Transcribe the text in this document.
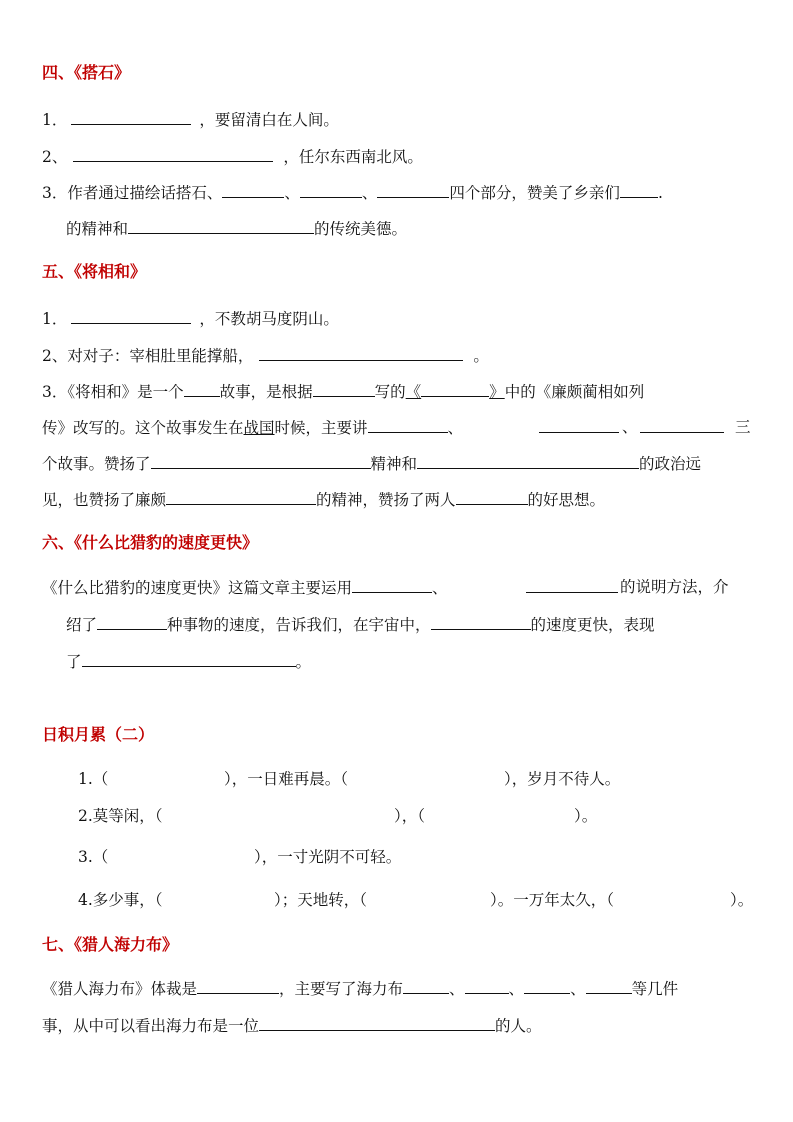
四、《搭石》
1．	，要留清白在人间。
2、	，任尔东西南北风。
3．作者通过描绘话搭石、	、	、	四个部分，赞美了乡亲们 .
的精神和	的传统美德。
五、《将相和》
1．	，不教胡马度阴山。
2、对对子：宰相肚里能撑船，	。
3．《将相和》是一个 故事，是根据	写的《	》中的《廉颇蔺相如列
传》改写的。这个故事发生在战国时候，主要讲	、	、	三
个故事。赞扬了	精神和	的政治远
见，也赞扬了廉颇	的精神，赞扬了两人	的好思想。
六、《什么比猎豹的速度更快》
《什么比猎豹的速度更快》这篇文章主要运用	、	的说明方法，介
绍了	种事物的速度，告诉我们，在宇宙中，	的速度更快，表现
了	。
日积月累（二）
1.（	），一日难再晨。（	），岁月不待人。
2.莫等闲，（	），（	）。
3.（	），一寸光阴不可轻。
4.多少事，（	）；天地转，（	）。一万年太久，（	）。
七、《猎人海力布》
《猎人海力布》体裁是	，主要写了海力布	、	、	、	等几件
事，从中可以看出海力布是一位	的人。
